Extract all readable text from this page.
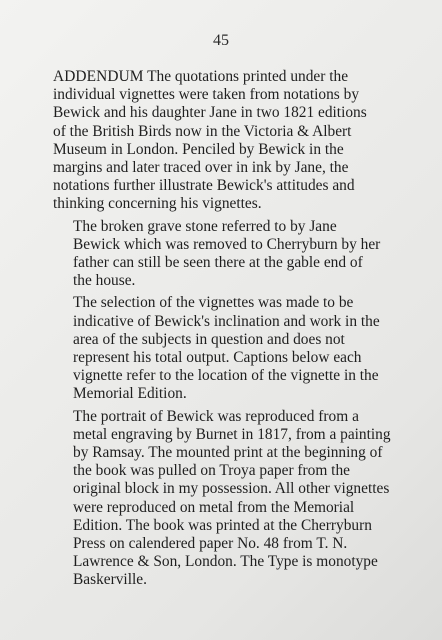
45

ADDENDUM The quotations printed under the
individual vignettes were taken from notations by
Bewick and his daughter Jane in two 1821 editions
of the British Birds now in the Victoria & Albert
Museum in London. Penciled by Bewick in the
margins and later traced over in ink by Jane, the
notations further illustrate Bewick's attitudes and
thinking concerning his vignettes.

The broken grave stone referred to by Jane
Bewick which was removed to Cherryburn by her
father can still be seen there at the gable end of
the house.

The selection of the vignettes was made to be
indicative of Bewick's inclination and work in the
area of the subjects in question and does not
represent his total output. Captions below each
vignette refer to the location of the vignette in the
Memorial Edition.

The portrait of Bewick was reproduced from a
metal engraving by Burnet in 1817, from a painting
by Ramsay. The mounted print at the beginning of
the book was pulled on Troya paper from the
original block in my possession. All other vignettes
were reproduced on metal from the Memorial
Edition. The book was printed at the Cherryburn
Press on calendered paper No. 48 from T. N.
Lawrence & Son, London. The Type is monotype
Baskerville.
